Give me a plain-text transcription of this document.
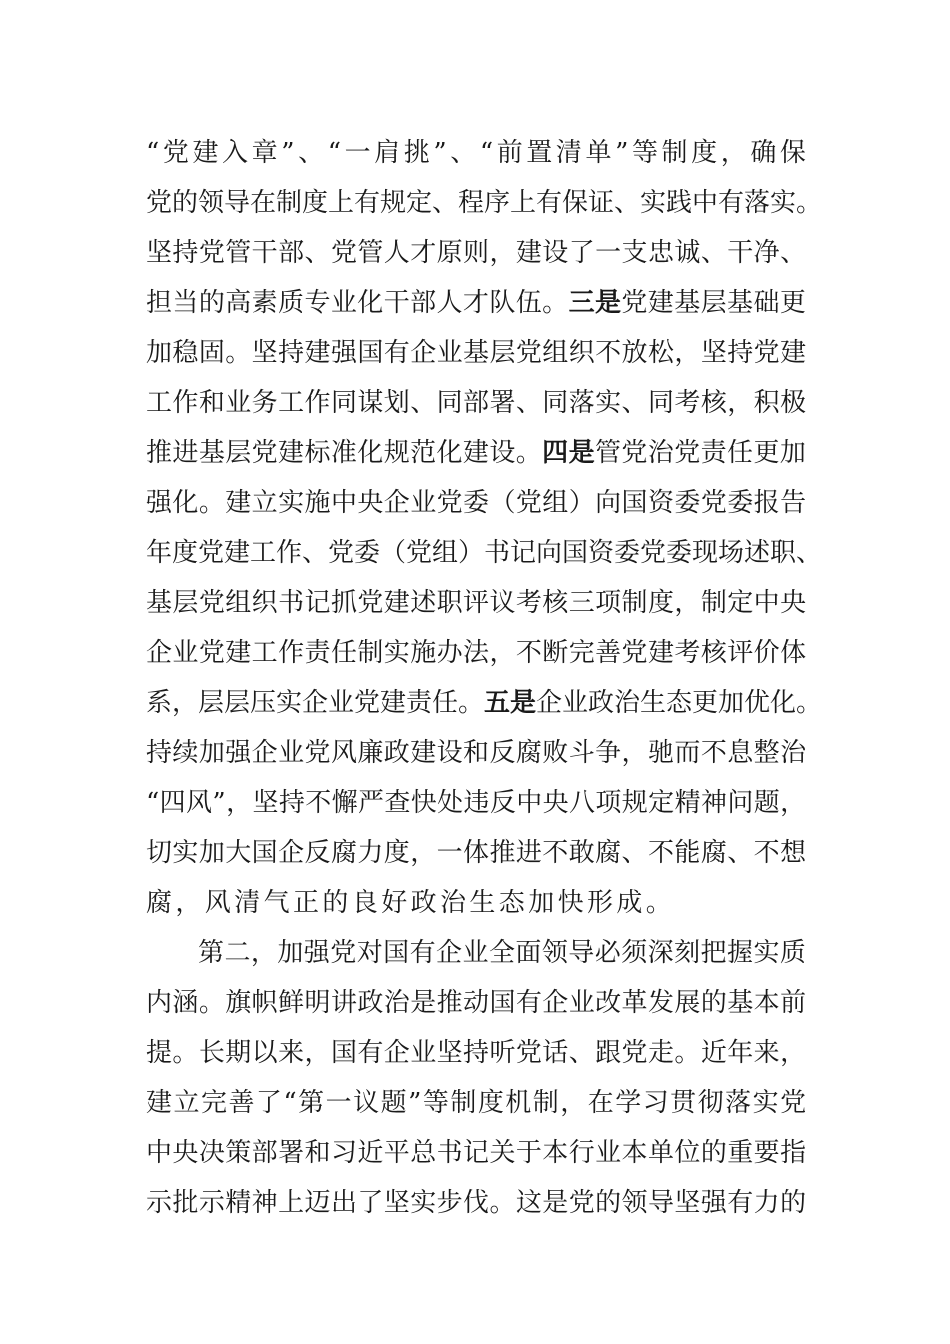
“党建入章”、“一肩挑”、“前置清单”等制度，确保
党的领导在制度上有规定、程序上有保证、实践中有落实。
坚持党管干部、党管人才原则，建设了一支忠诚、干净、
担当的高素质专业化干部人才队伍。三是党建基层基础更
加稳固。坚持建强国有企业基层党组织不放松，坚持党建
工作和业务工作同谋划、同部署、同落实、同考核，积极
推进基层党建标准化规范化建设。四是管党治党责任更加
强化。建立实施中央企业党委（党组）向国资委党委报告
年度党建工作、党委（党组）书记向国资委党委现场述职、
基层党组织书记抓党建述职评议考核三项制度，制定中央
企业党建工作责任制实施办法，不断完善党建考核评价体
系，层层压实企业党建责任。五是企业政治生态更加优化。
持续加强企业党风廉政建设和反腐败斗争，驰而不息整治
“四风”，坚持不懈严查快处违反中央八项规定精神问题，
切实加大国企反腐力度，一体推进不敢腐、不能腐、不想
腐，风清气正的良好政治生态加快形成。
第二，加强党对国有企业全面领导必须深刻把握实质
内涵。旗帜鲜明讲政治是推动国有企业改革发展的基本前
提。长期以来，国有企业坚持听党话、跟党走。近年来，
建立完善了“第一议题”等制度机制，在学习贯彻落实党
中央决策部署和习近平总书记关于本行业本单位的重要指
示批示精神上迈出了坚实步伐。这是党的领导坚强有力的
